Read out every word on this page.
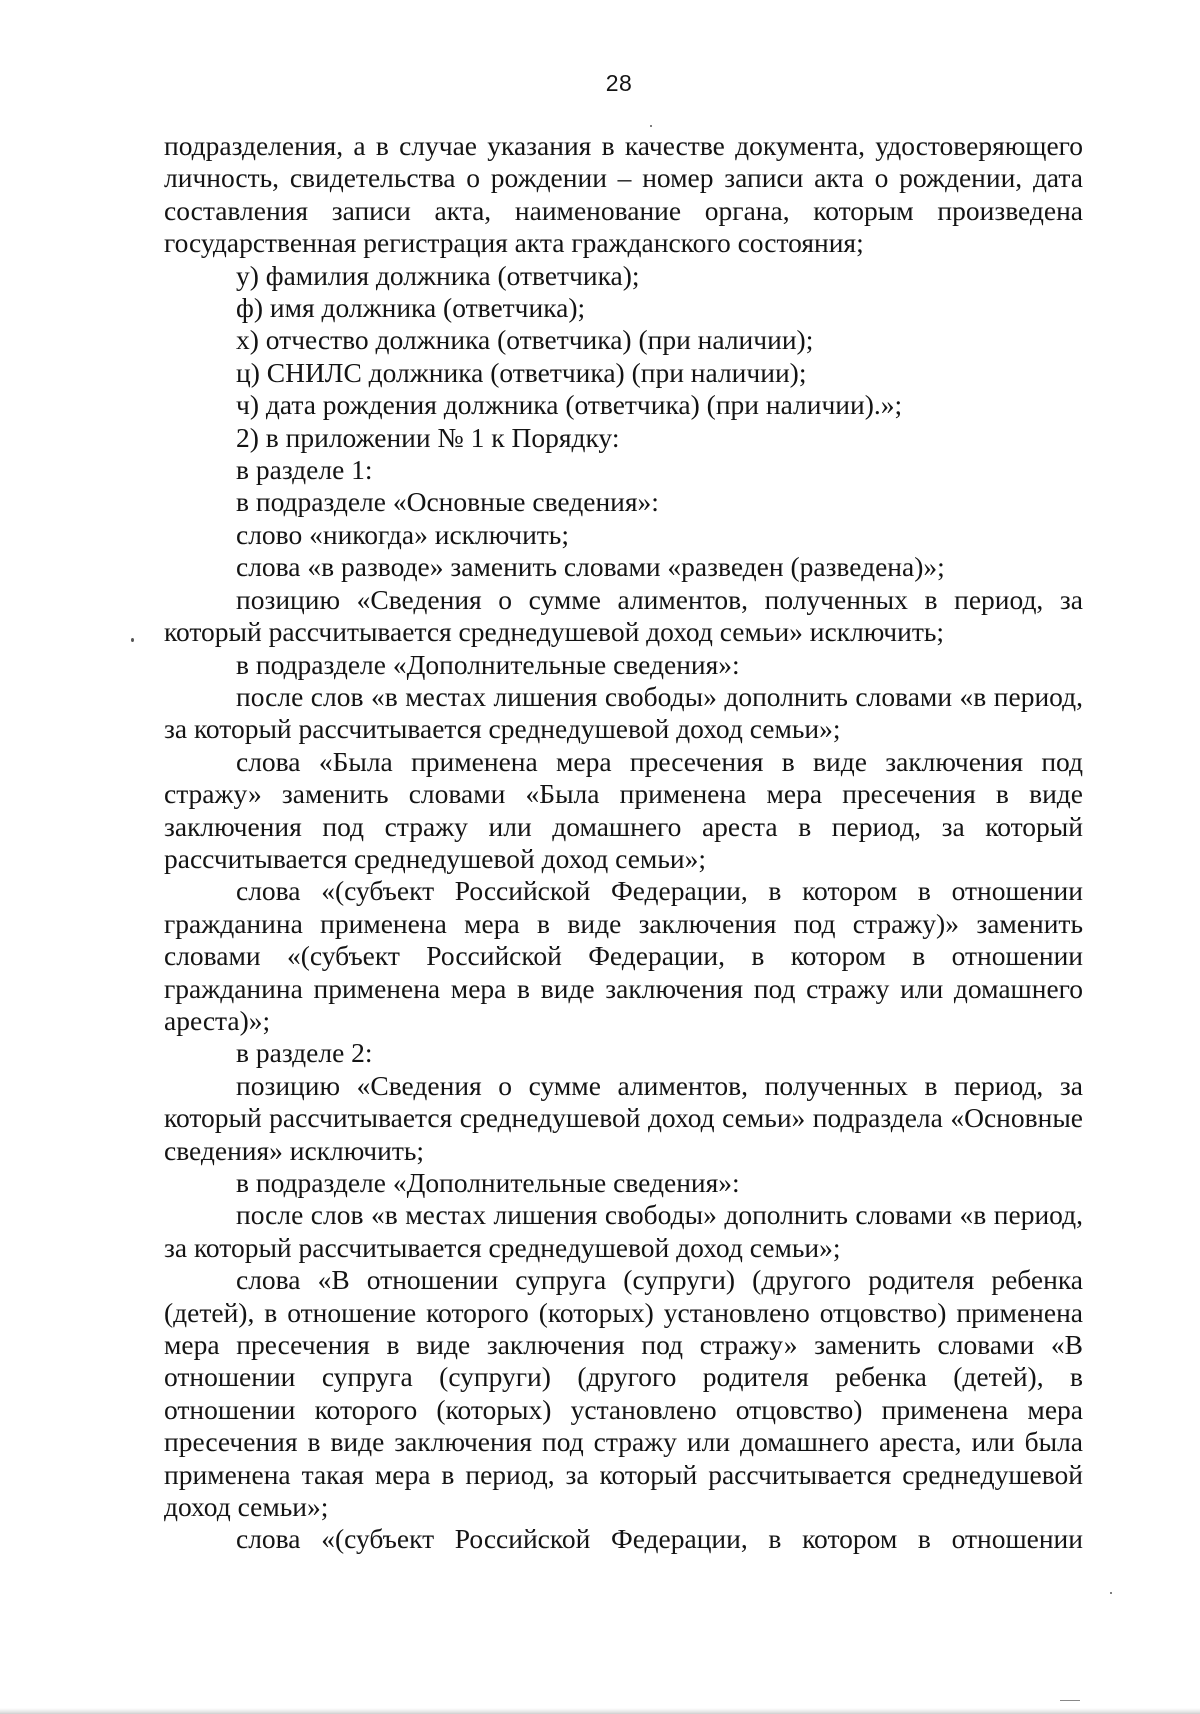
28

подразделения, а в случае указания в качестве документа, удостоверяющего личность, свидетельства о рождении – номер записи акта о рождении, дата составления записи акта, наименование органа, которым произведена государственная регистрация акта гражданского состояния;

у) фамилия должника (ответчика);

ф) имя должника (ответчика);

х) отчество должника (ответчика) (при наличии);

ц) СНИЛС должника (ответчика) (при наличии);

ч) дата рождения должника (ответчика) (при наличии).»;

2) в приложении № 1 к Порядку:

в разделе 1:

в подразделе «Основные сведения»:

слово «никогда» исключить;

слова «в разводе» заменить словами «разведен (разведена)»;

позицию «Сведения о сумме алиментов, полученных в период, за который рассчитывается среднедушевой доход семьи» исключить;

в подразделе «Дополнительные сведения»:

после слов «в местах лишения свободы» дополнить словами «в период, за который рассчитывается среднедушевой доход семьи»;

слова «Была применена мера пресечения в виде заключения под стражу» заменить словами «Была применена мера пресечения в виде заключения под стражу или домашнего ареста в период, за который рассчитывается среднедушевой доход семьи»;

слова «(субъект Российской Федерации, в котором в отношении гражданина применена мера в виде заключения под стражу)» заменить словами «(субъект Российской Федерации, в котором в отношении гражданина применена мера в виде заключения под стражу или домашнего ареста)»;

в разделе 2:

позицию «Сведения о сумме алиментов, полученных в период, за который рассчитывается среднедушевой доход семьи» подраздела «Основные сведения» исключить;

в подразделе «Дополнительные сведения»:

после слов «в местах лишения свободы» дополнить словами «в период, за который рассчитывается среднедушевой доход семьи»;

слова «В отношении супруга (супруги) (другого родителя ребенка (детей), в отношение которого (которых) установлено отцовство) применена мера пресечения в виде заключения под стражу» заменить словами «В отношении супруга (супруги) (другого родителя ребенка (детей), в отношении которого (которых) установлено отцовство) применена мера пресечения в виде заключения под стражу или домашнего ареста, или была применена такая мера в период, за который рассчитывается среднедушевой доход семьи»;

слова «(субъект Российской Федерации, в котором в отношении
